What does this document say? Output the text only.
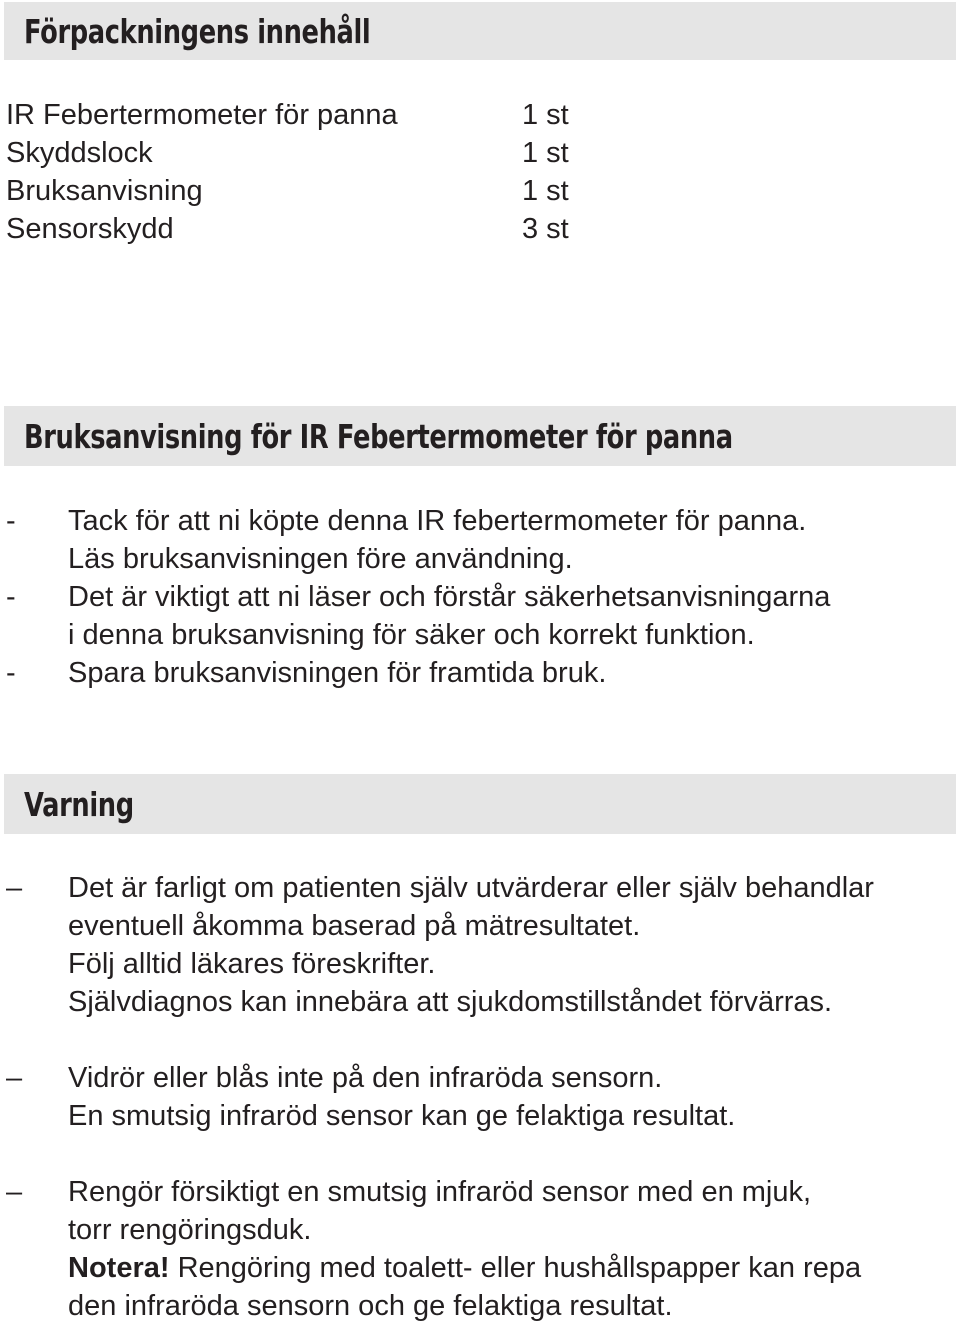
Förpackningens innehåll
IR Febertermometer för panna	1 st
Skyddslock	1 st
Bruksanvisning	1 st
Sensorskydd	3 st
Bruksanvisning för IR Febertermometer för panna
-	Tack för att ni köpte denna IR febertermometer för panna.
Läs bruksanvisningen före användning.
-	Det är viktigt att ni läser och förstår säkerhetsanvisningarna
i denna bruksanvisning för säker och korrekt funktion.
-	Spara bruksanvisningen för framtida bruk.
Varning
–	Det är farligt om patienten själv utvärderar eller själv behandlar
eventuell åkomma baserad på mätresultatet.
Följ alltid läkares föreskrifter.
Självdiagnos kan innebära att sjukdomstillståndet förvärras.
–	Vidrör eller blås inte på den infraröda sensorn.
En smutsig infraröd sensor kan ge felaktiga resultat.
–	Rengör försiktigt en smutsig infraröd sensor med en mjuk,
torr rengöringsduk.
Notera! Rengöring med toalett- eller hushållspapper kan repa
den infraröda sensorn och ge felaktiga resultat.
